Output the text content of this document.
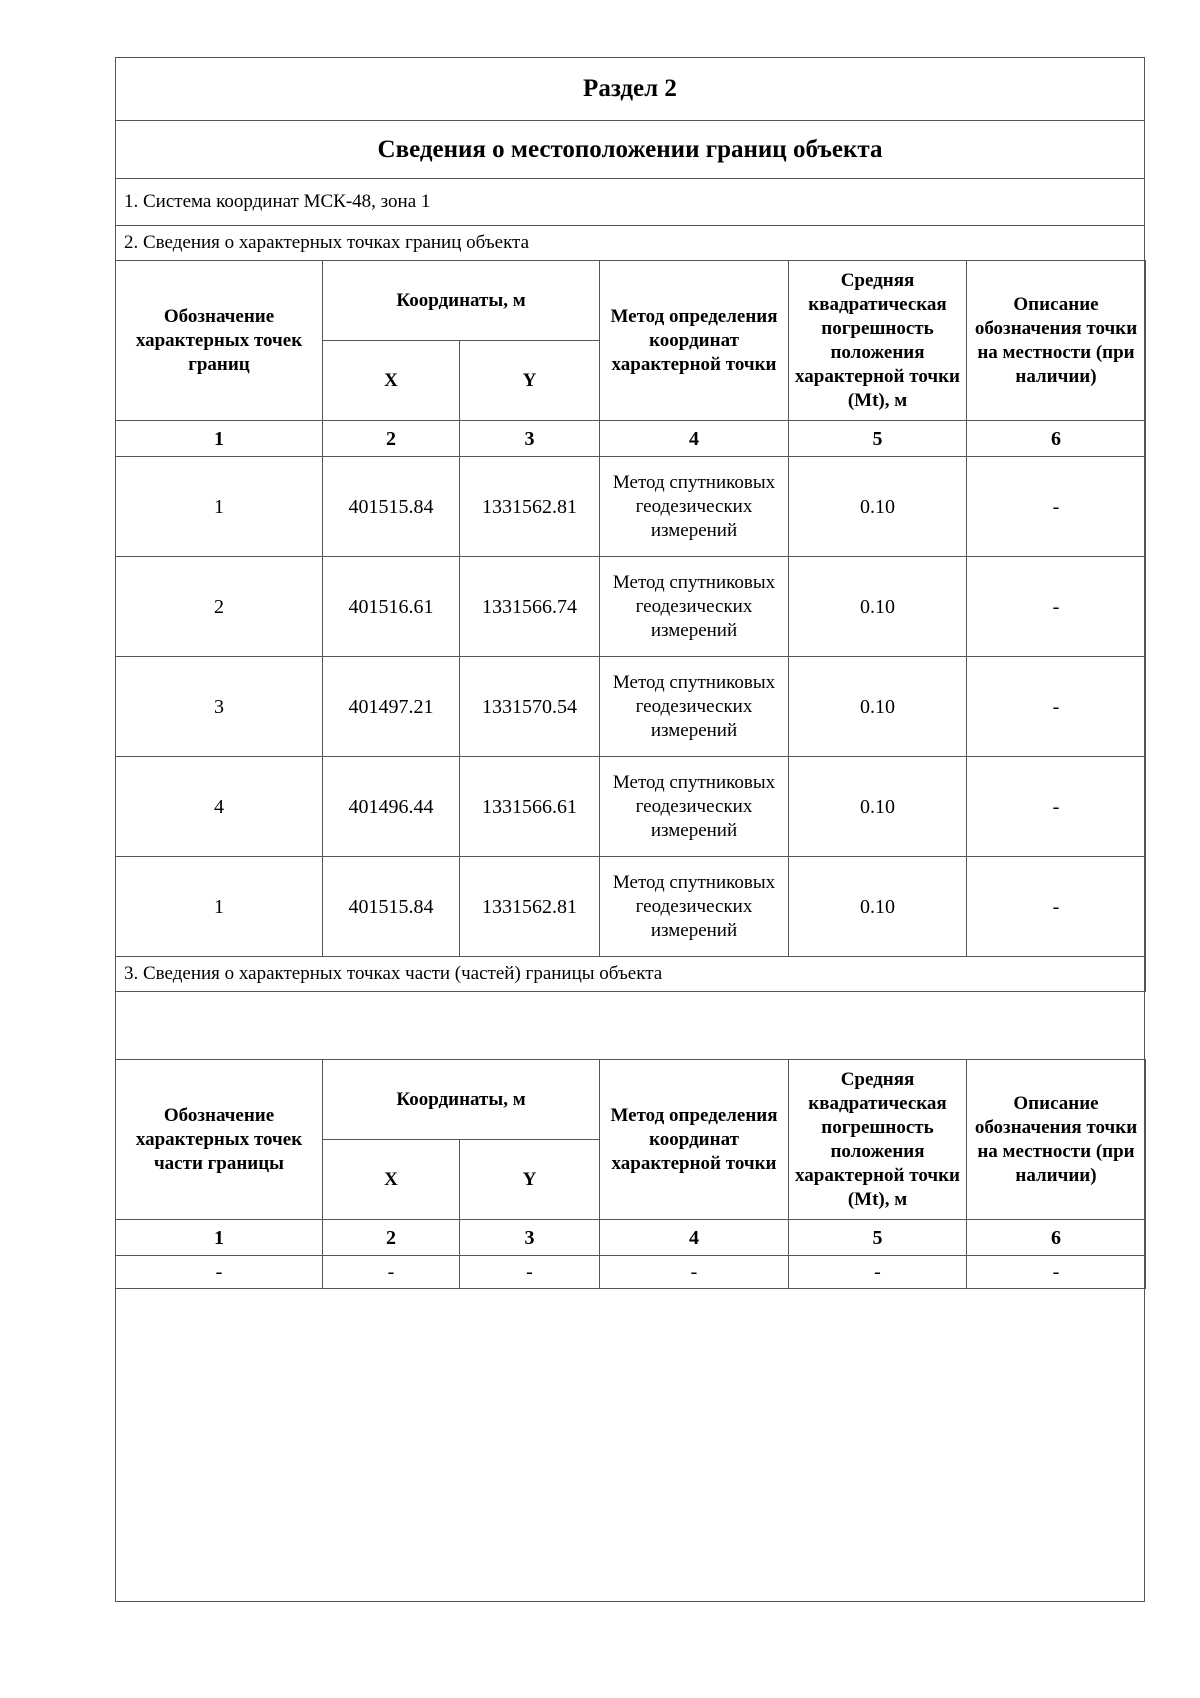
Раздел 2
Сведения о местоположении границ объекта
1. Система координат МСК-48, зона 1
2. Сведения о характерных точках границ объекта
Обозначение характерных точек границ	Координаты, м		Метод определения координат характерной точки	Средняя квадратическая погрешность положения характерной точки (Mt), м	Описание обозначения точки на местности (при наличии)
	X	Y			
1	2	3	4	5	6
1	401515.84	1331562.81	Метод спутниковых геодезических измерений	0.10	-
2	401516.61	1331566.74	Метод спутниковых геодезических измерений	0.10	-
3	401497.21	1331570.54	Метод спутниковых геодезических измерений	0.10	-
4	401496.44	1331566.61	Метод спутниковых геодезических измерений	0.10	-
1	401515.84	1331562.81	Метод спутниковых геодезических измерений	0.10	-
3. Сведения о характерных точках части (частей) границы объекта					
Обозначение характерных точек части границы	Координаты, м		Метод определения координат характерной точки	Средняя квадратическая погрешность положения характерной точки (Mt), м	Описание обозначения точки на местности (при наличии)
	X	Y			
1	2	3	4	5	6
-	-	-	-	-	-
